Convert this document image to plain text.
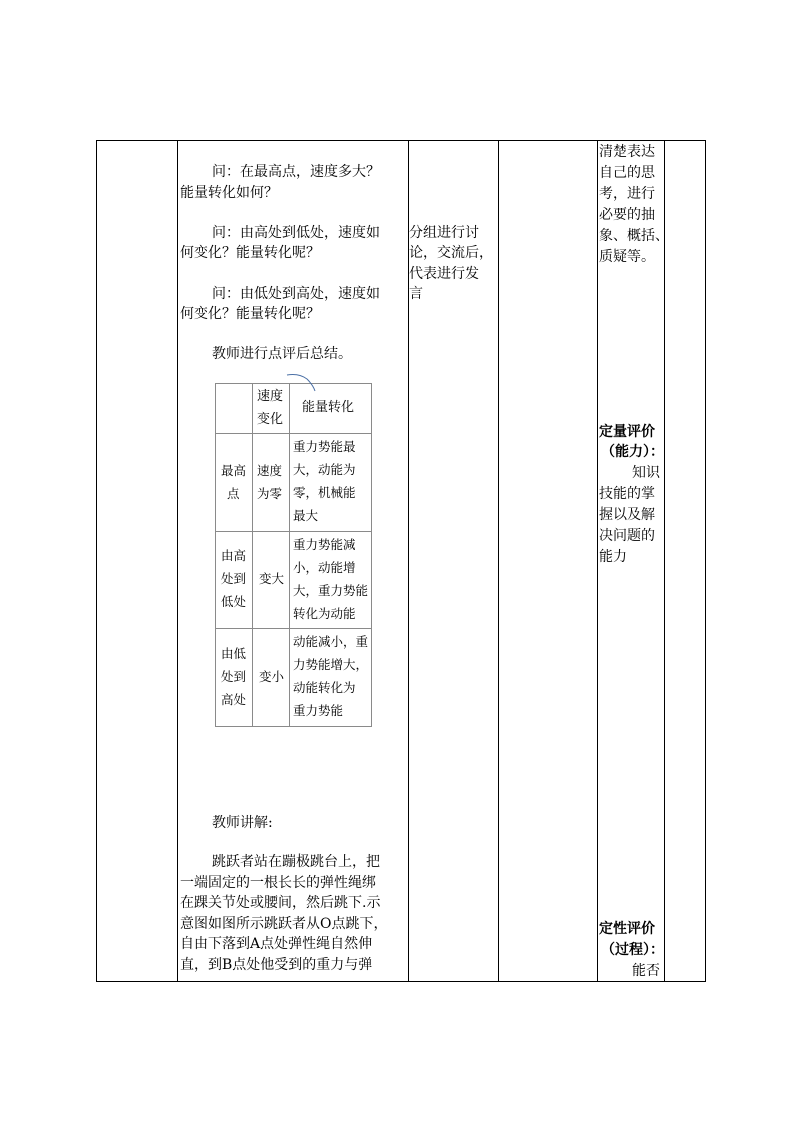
问：在最高点，速度多大？
能量转化如何？
问：由高处到低处，速度如
何变化？能量转化呢？
问：由低处到高处，速度如
何变化？能量转化呢？
教师进行点评后总结。
速度
变化
能量转化
最高
点
速度
为零
重力势能最
大，动能为
零，机械能
最大
由高
处到
低处
变大
重力势能减
小，动能增
大，重力势能
转化为动能
由低
处到
高处
变小
动能减小，重
力势能增大，
动能转化为
重力势能
教师讲解:
跳跃者站在蹦极跳台上，把
一端固定的一根长长的弹性绳绑
在踝关节处或腰间，然后跳下.示
意图如图所示跳跃者从O点跳下，
自由下落到A点处弹性绳自然伸
直，到B点处他受到的重力与弹
分组进行讨
论，交流后，
代表进行发
言
清楚表达
自己的思
考，进行
必要的抽
象、概括、
质疑等。
定量评价
（能力）：
知识
技能的掌
握以及解
决问题的
能力
定性评价
（过程）：
能否
